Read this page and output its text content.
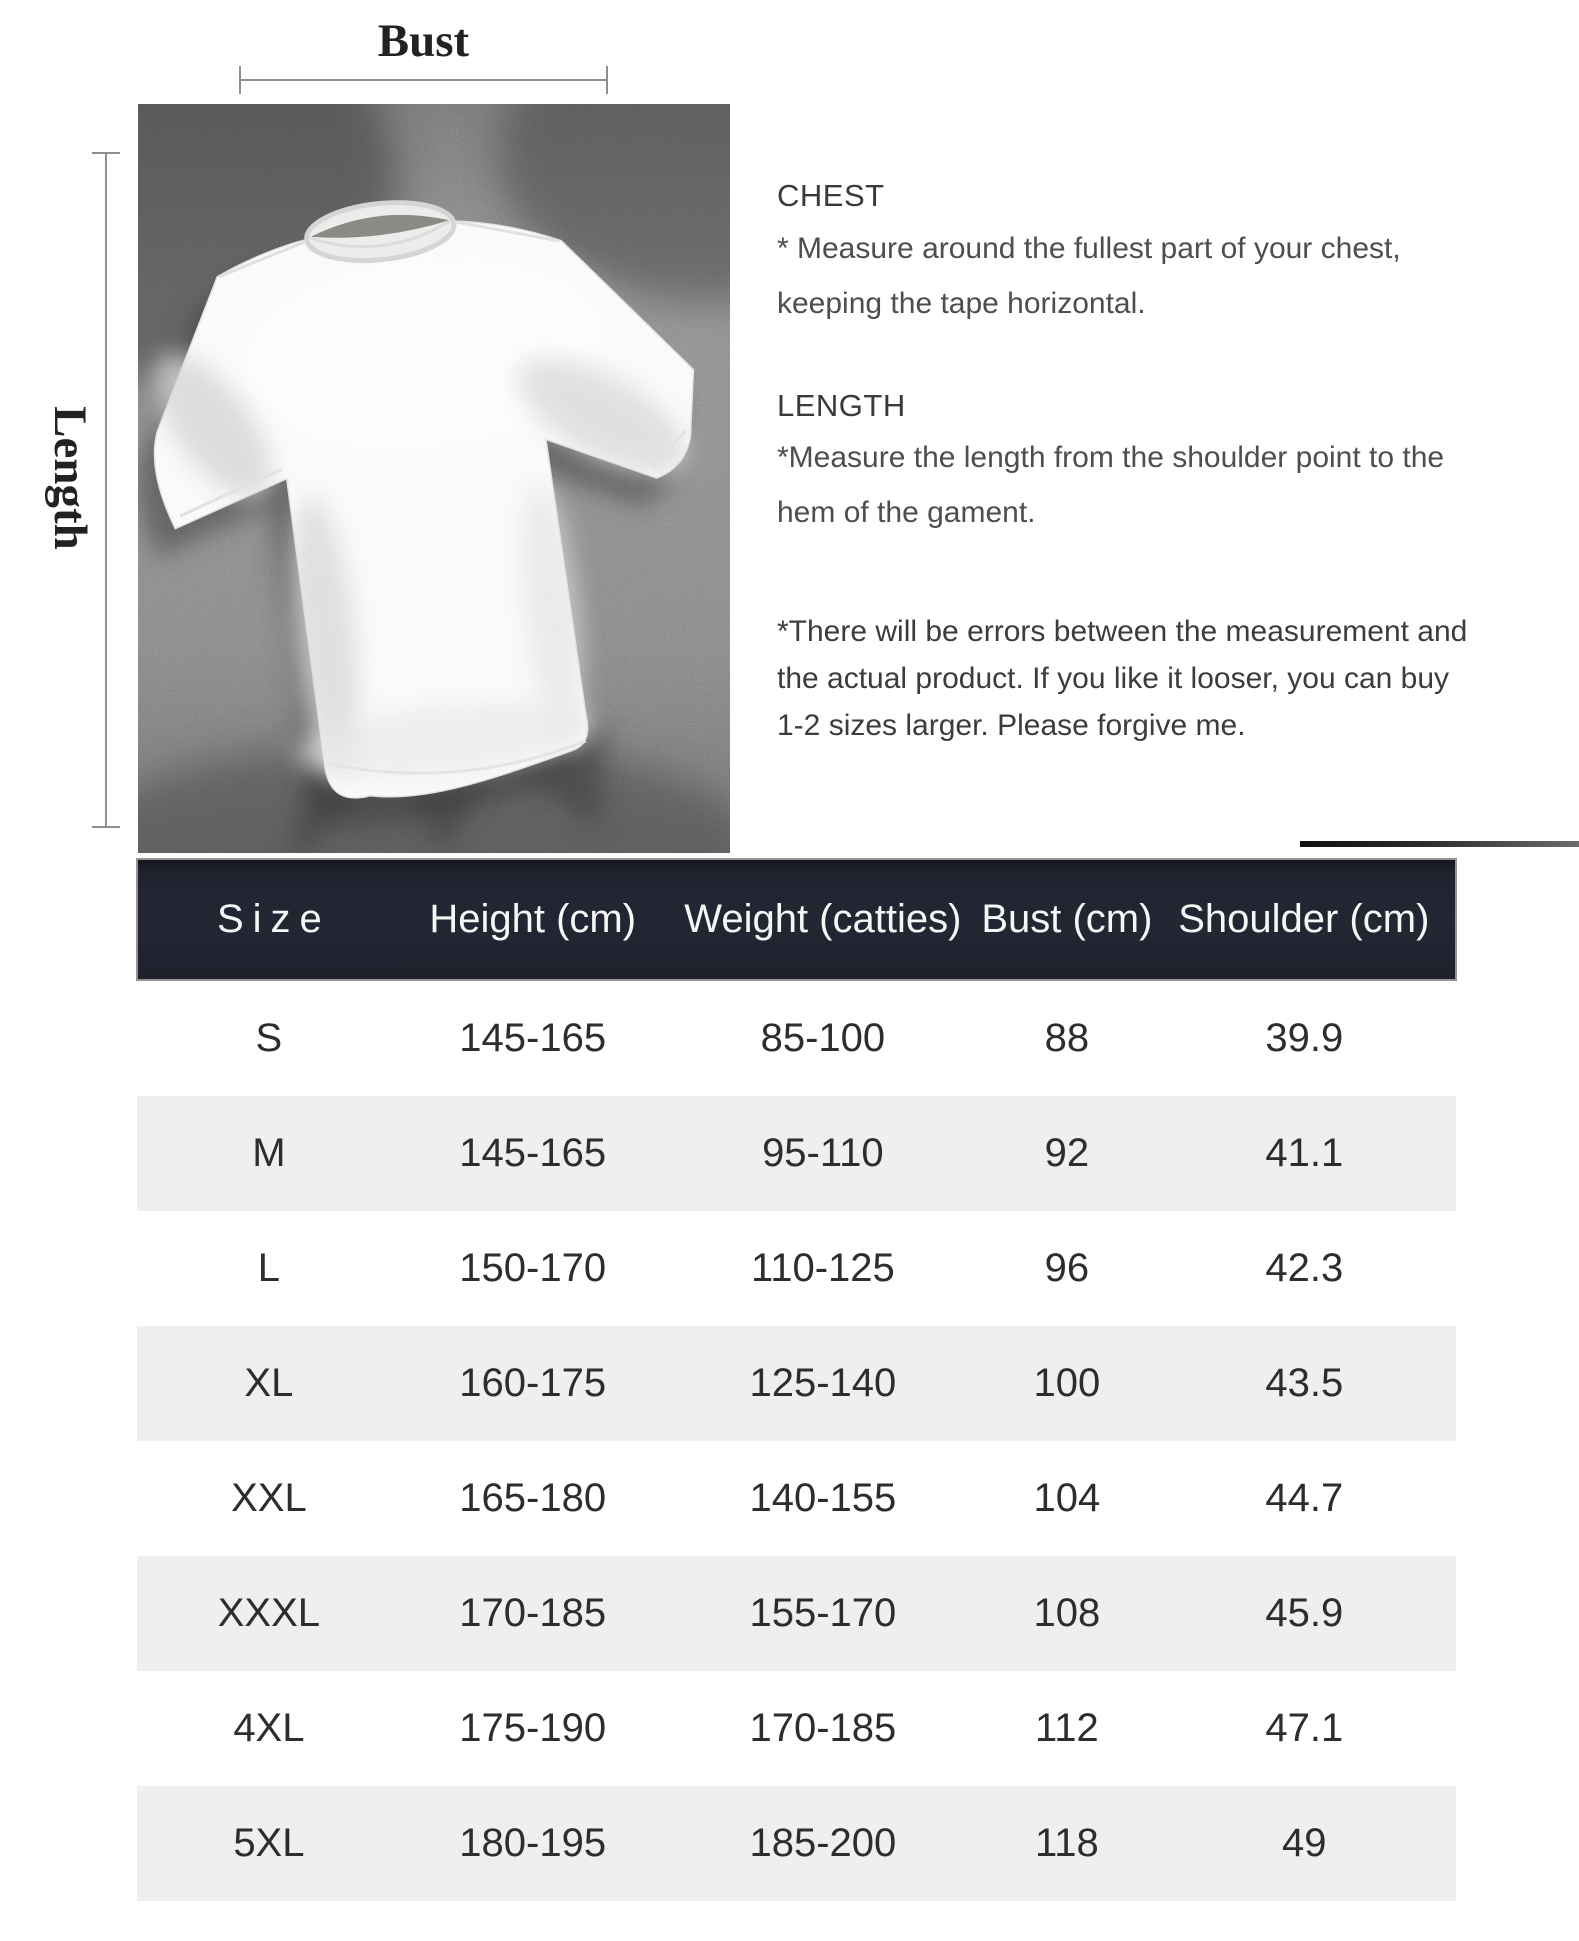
Bust
Length
CHEST
* Measure around the fullest part of your chest,
keeping the tape horizontal.
LENGTH
*Measure the length from the shoulder point to the
hem of the gament.
*There will be errors between the measurement and
the actual product. If you like it looser, you can buy
1-2 sizes larger. Please forgive me.
Size	Height (cm)	Weight (catties)	Bust (cm)	Shoulder (cm)
S	145-165	85-100	88	39.9
M	145-165	95-110	92	41.1
L	150-170	110-125	96	42.3
XL	160-175	125-140	100	43.5
XXL	165-180	140-155	104	44.7
XXXL	170-185	155-170	108	45.9
4XL	175-190	170-185	112	47.1
5XL	180-195	185-200	118	49
